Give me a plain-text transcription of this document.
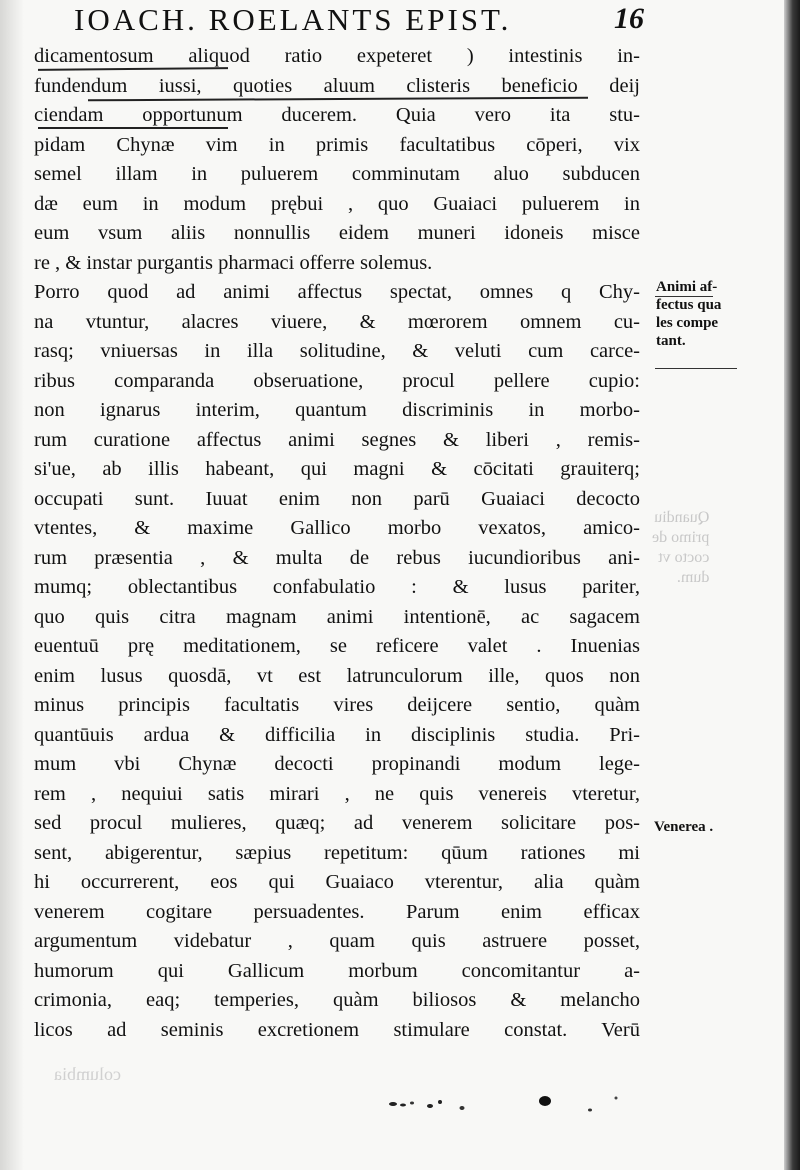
IOACH. ROELANTS EPIST.	16
dicamentosum aliquod ratio expeteret ) intestinis in-
fundendum iussi, quoties aluum clisteris beneficio deij
ciendam opportunum ducerem. Quia vero ita stu-
pidam Chynæ vim in primis facultatibus cōperi, vix
semel illam in puluerem comminutam aluo subducen
dæ eum in modum prębui , quo Guaiaci puluerem in
eum vsum aliis nonnullis eidem muneri idoneis misce
re , & instar purgantis pharmaci offerre solemus.
Porro quod ad animi affectus spectat, omnes q Chy-
na vtuntur, alacres viuere, & mœrorem omnem cu-
rasq; vniuersas in illa solitudine, & veluti cum carce-
ribus comparanda obseruatione, procul pellere cupio:
non ignarus interim, quantum discriminis in morbo-
rum curatione affectus animi segnes & liberi , remis-
si'ue, ab illis habeant, qui magni & cōcitati grauiterq;
occupati sunt. Iuuat enim non parū Guaiaci decocto
vtentes, & maxime Gallico morbo vexatos, amico-
rum præsentia , & multa de rebus iucundioribus ani-
mumq; oblectantibus confabulatio : & lusus pariter,
quo quis citra magnam animi intentionē, ac sagacem
euentuū prę meditationem, se reficere valet . Inuenias
enim lusus quosdā, vt est latrunculorum ille, quos non
minus principis facultatis vires deijcere sentio, quàm
quantūuis ardua & difficilia in disciplinis studia. Pri-
mum vbi Chynæ decocti propinandi modum lege-
rem , nequiui satis mirari , ne quis venereis vteretur,
sed procul mulieres, quæq; ad venerem solicitare pos-
sent, abigerentur, sæpius repetitum: qūum rationes mi
hi occurrerent, eos qui Guaiaco vterentur, alia quàm
venerem cogitare persuadentes. Parum enim efficax
argumentum videbatur , quam quis astruere posset,
humorum qui Gallicum morbum concomitantur a-
crimonia, eaq; temperies, quàm biliosos & melancho
licos ad seminis excretionem stimulare constat. Verū
Animi af-
fectus qua
les compe
tant.
Venerea .
Quandiu
primo de
cocto vt
dum.
columbia
